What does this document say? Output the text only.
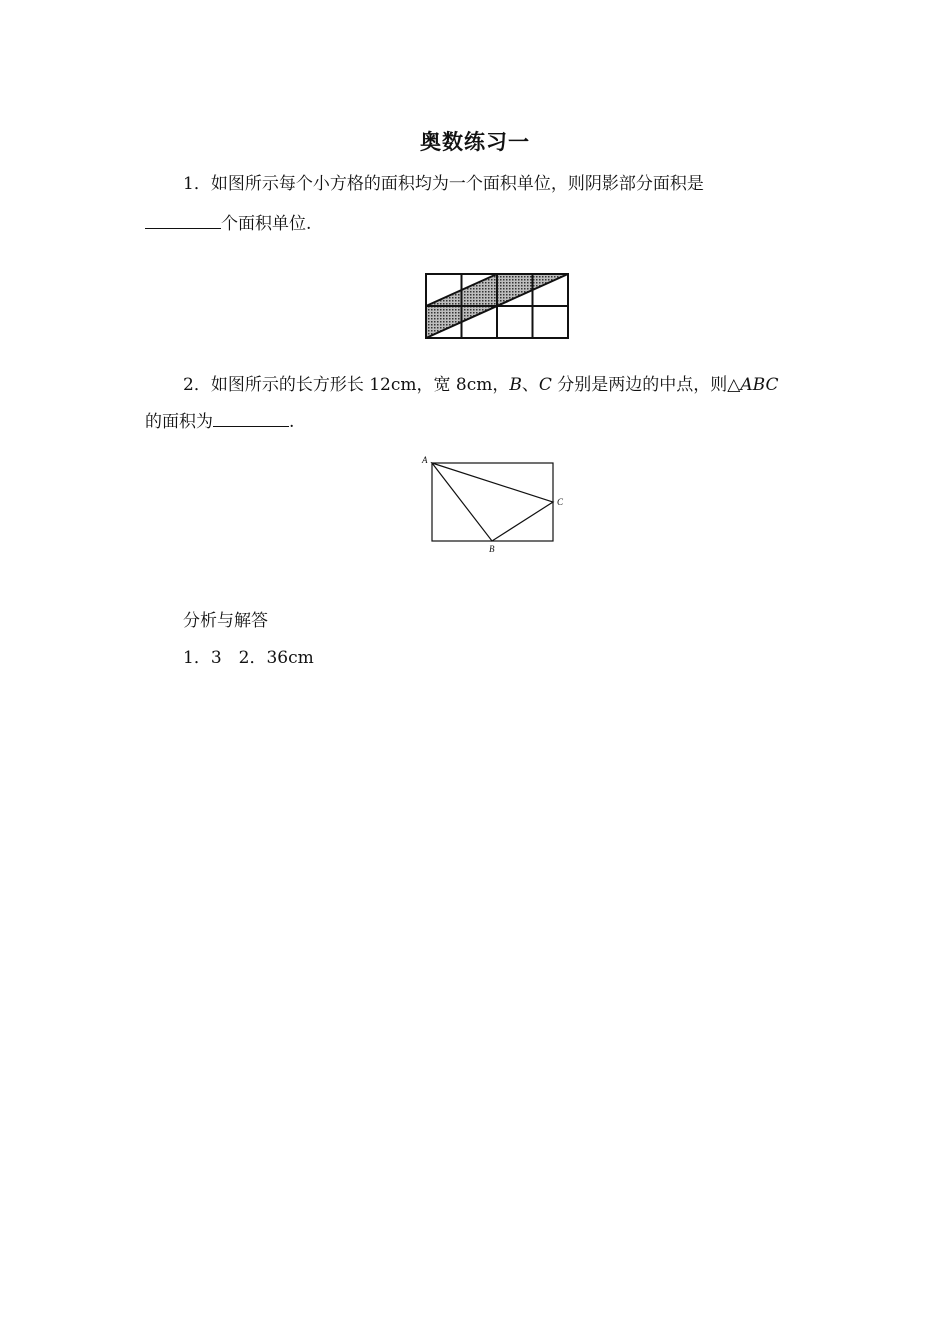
奥数练习一
1．如图所示每个小方格的面积均为一个面积单位，则阴影部分面积是
个面积单位.
2．如图所示的长方形长 12cm，宽 8cm，B、C 分别是两边的中点，则△ABC
的面积为	.
A
B
C
分析与解答
1．3　2．36cm
